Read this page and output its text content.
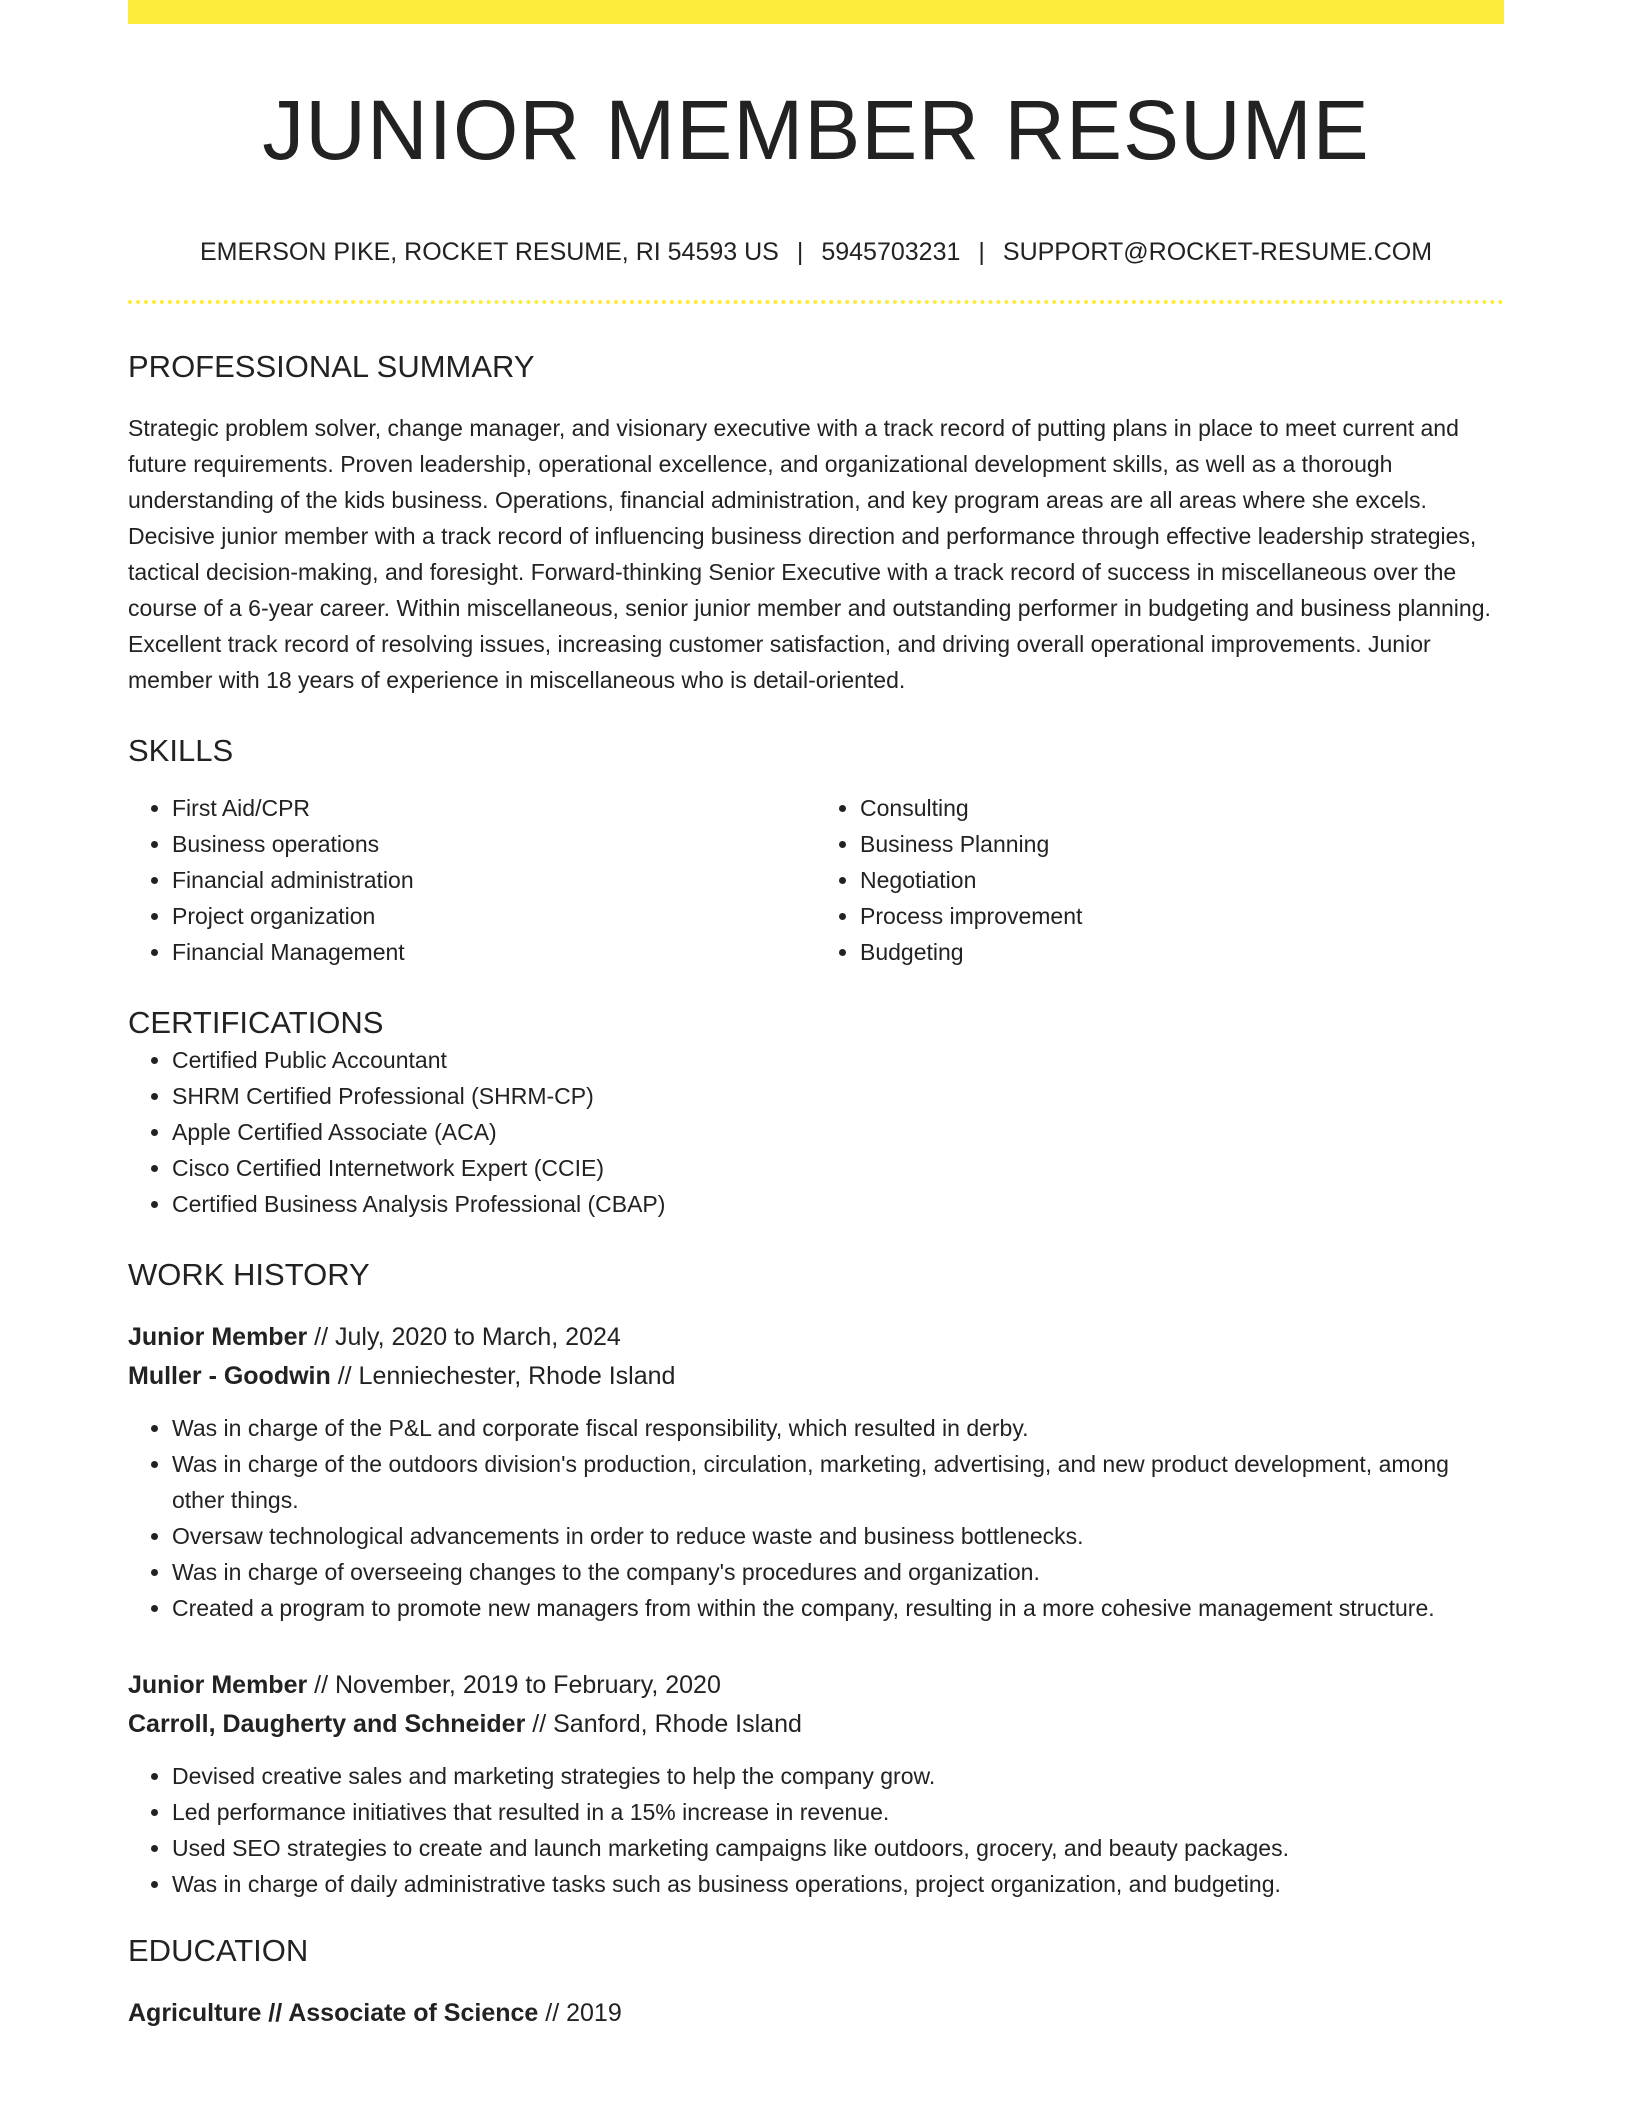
JUNIOR MEMBER RESUME
EMERSON PIKE, ROCKET RESUME, RI 54593 US | 5945703231 | SUPPORT@ROCKET-RESUME.COM
PROFESSIONAL SUMMARY
Strategic problem solver, change manager, and visionary executive with a track record of putting plans in place to meet current and future requirements. Proven leadership, operational excellence, and organizational development skills, as well as a thorough understanding of the kids business. Operations, financial administration, and key program areas are all areas where she excels. Decisive junior member with a track record of influencing business direction and performance through effective leadership strategies, tactical decision-making, and foresight. Forward-thinking Senior Executive with a track record of success in miscellaneous over the course of a 6-year career. Within miscellaneous, senior junior member and outstanding performer in budgeting and business planning. Excellent track record of resolving issues, increasing customer satisfaction, and driving overall operational improvements. Junior member with 18 years of experience in miscellaneous who is detail-oriented.
SKILLS
• First Aid/CPR
• Business operations
• Financial administration
• Project organization
• Financial Management
• Consulting
• Business Planning
• Negotiation
• Process improvement
• Budgeting
CERTIFICATIONS
• Certified Public Accountant
• SHRM Certified Professional (SHRM-CP)
• Apple Certified Associate (ACA)
• Cisco Certified Internetwork Expert (CCIE)
• Certified Business Analysis Professional (CBAP)
WORK HISTORY
Junior Member // July, 2020 to March, 2024
Muller - Goodwin // Lenniechester, Rhode Island
• Was in charge of the P&L and corporate fiscal responsibility, which resulted in derby.
• Was in charge of the outdoors division's production, circulation, marketing, advertising, and new product development, among other things.
• Oversaw technological advancements in order to reduce waste and business bottlenecks.
• Was in charge of overseeing changes to the company's procedures and organization.
• Created a program to promote new managers from within the company, resulting in a more cohesive management structure.
Junior Member // November, 2019 to February, 2020
Carroll, Daugherty and Schneider // Sanford, Rhode Island
• Devised creative sales and marketing strategies to help the company grow.
• Led performance initiatives that resulted in a 15% increase in revenue.
• Used SEO strategies to create and launch marketing campaigns like outdoors, grocery, and beauty packages.
• Was in charge of daily administrative tasks such as business operations, project organization, and budgeting.
EDUCATION
Agriculture // Associate of Science // 2019
